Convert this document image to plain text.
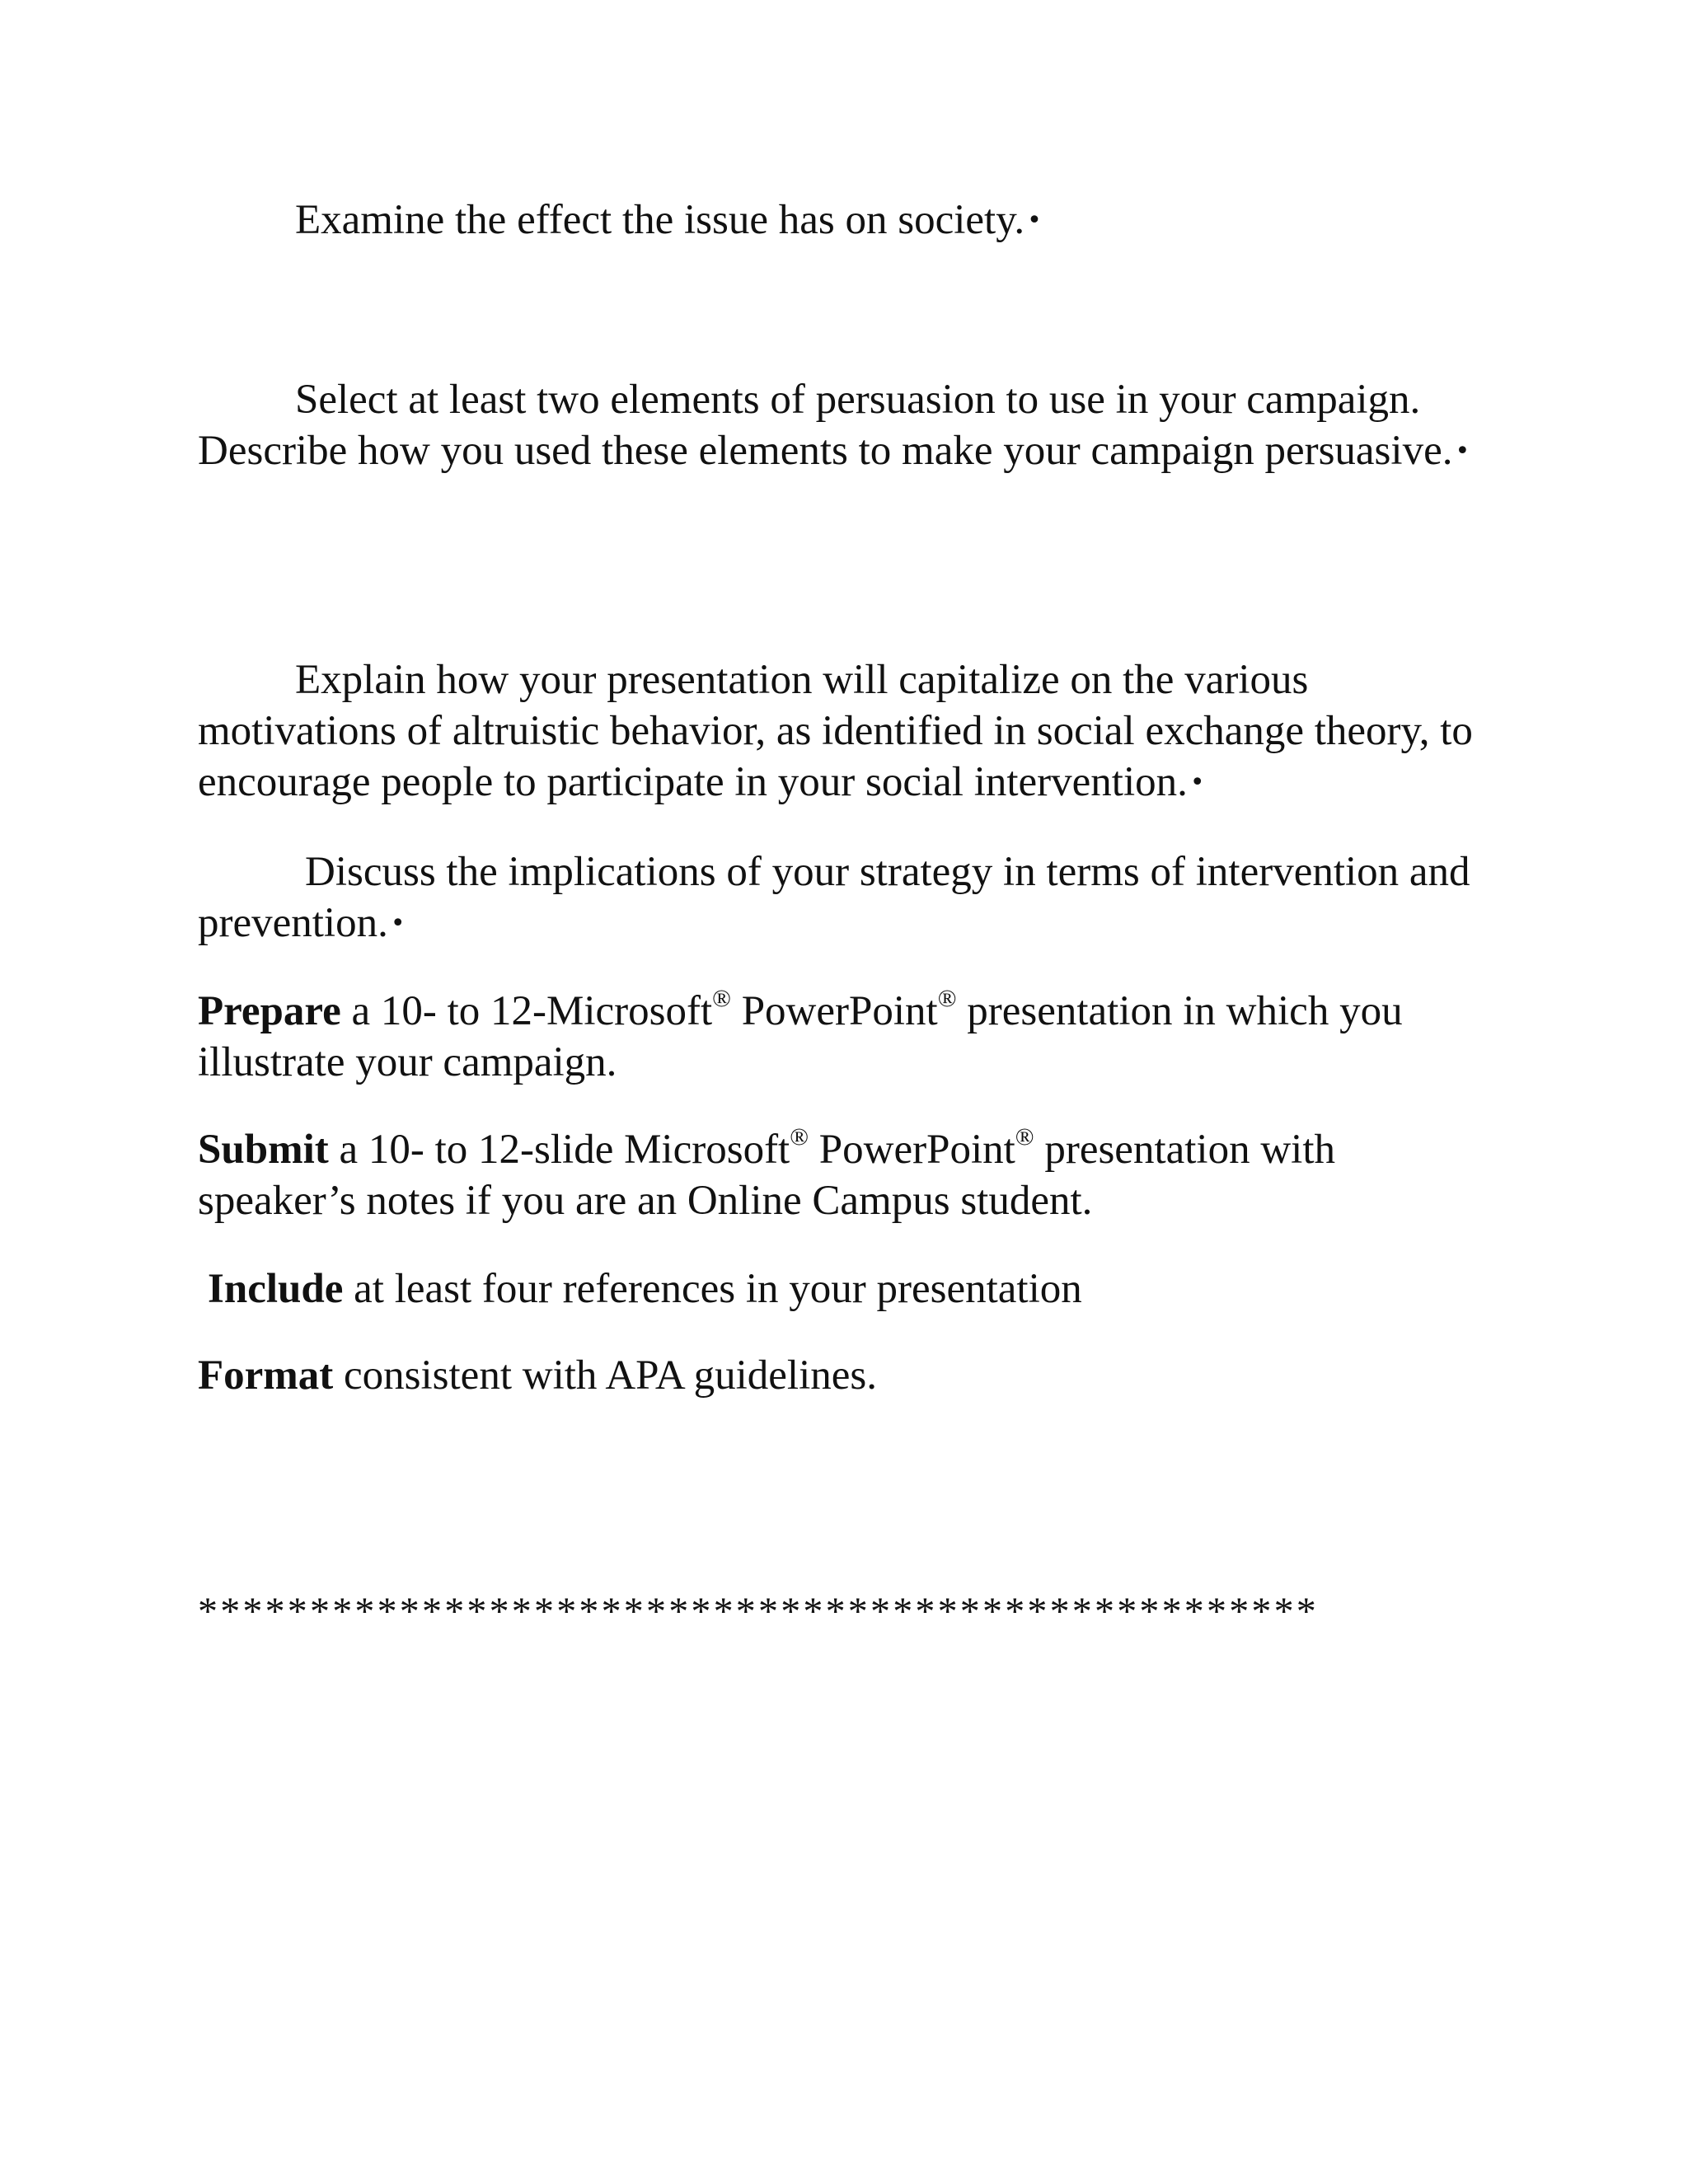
Examine the effect the issue has on society. •

Select at least two elements of persuasion to use in your campaign. Describe how you used these elements to make your campaign persuasive. •

Explain how your presentation will capitalize on the various motivations of altruistic behavior, as identified in social exchange theory, to encourage people to participate in your social intervention. •

Discuss the implications of your strategy in terms of intervention and prevention. •

Prepare a 10- to 12-Microsoft® PowerPoint® presentation in which you illustrate your campaign.

Submit a 10- to 12-slide Microsoft® PowerPoint® presentation with speaker’s notes if you are an Online Campus student.

Include at least four references in your presentation

Format consistent with APA guidelines.

**************************************************
